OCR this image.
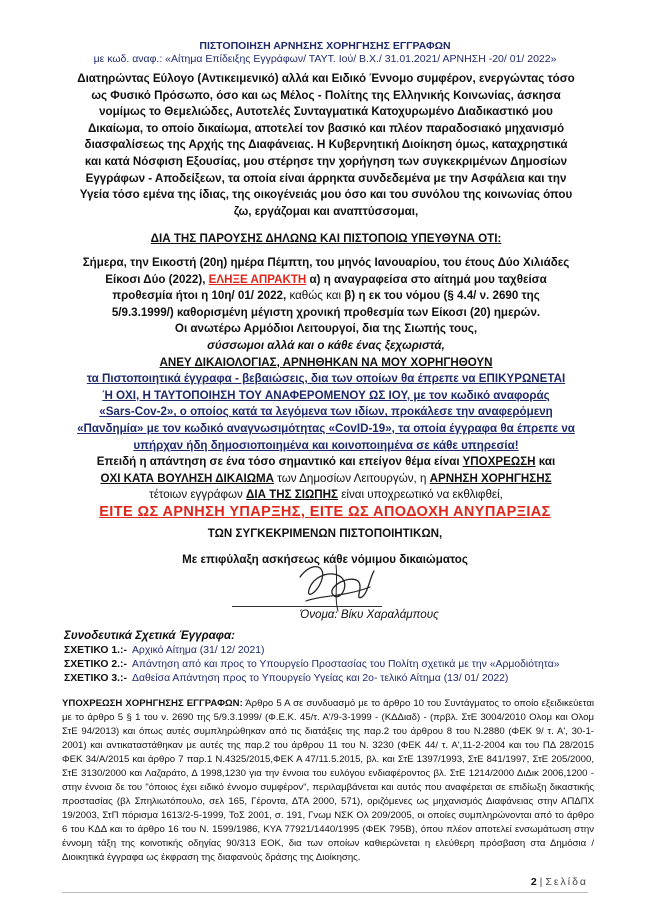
ΠΙΣΤΟΠΟΙΗΣΗ ΑΡΝΗΣΗΣ ΧΟΡΗΓΗΣΗΣ ΕΓΓΡΑΦΩΝ
με κωδ. αναφ.: «Αίτημα Επίδειξης Εγγράφων/ ΤΑΥΤ. Ιού/ Β.Χ./ 31.01.2021/ ΑΡΝΗΣΗ -20/ 01/ 2022»
Διατηρώντας Εύλογο (Αντικειμενικό) αλλά και Ειδικό Έννομο συμφέρον, ενεργώντας τόσο
ως Φυσικό Πρόσωπο, όσο και ως Μέλος - Πολίτης της Ελληνικής Κοινωνίας, άσκησα
νομίμως το Θεμελιώδες, Αυτοτελές Συνταγματικά Κατοχυρωμένο Διαδικαστικό μου
Δικαίωμα, το οποίο δικαίωμα, αποτελεί τον βασικό και πλέον παραδοσιακό μηχανισμό
διασφαλίσεως της Αρχής της Διαφάνειας. Η Κυβερνητική Διοίκηση όμως, καταχρηστικά
και κατά Νόσφιση Εξουσίας, μου στέρησε την χορήγηση των συγκεκριμένων Δημοσίων
Εγγράφων - Αποδείξεων, τα οποία είναι άρρηκτα συνδεδεμένα με την Ασφάλεια και την
Υγεία τόσο εμένα της ίδιας, της οικογένειάς μου όσο και του συνόλου της κοινωνίας όπου
ζω, εργάζομαι και αναπτύσσομαι,
ΔΙΑ ΤΗΣ ΠΑΡΟΥΣΗΣ ΔΗΛΩΝΩ ΚΑΙ ΠΙΣΤΟΠΟΙΩ ΥΠΕΥΘΥΝΑ ΟΤΙ:
Σήμερα, την Εικοστή (20η) ημέρα Πέμπτη, του μηνός Ιανουαρίου, του έτους Δύο Χιλιάδες
Είκοσι Δύο (2022), ΕΛΗΞΕ ΑΠΡΑΚΤΗ α) η αναγραφείσα στο αίτημά μου ταχθείσα
προθεσμία ήτοι η 10η/ 01/ 2022, καθώς και β) η εκ του νόμου (§ 4.4/ ν. 2690 της
5/9.3.1999/) καθορισμένη μέγιστη χρονική προθεσμία των Είκοσι (20) ημερών.
Οι ανωτέρω Αρμόδιοι Λειτουργοί, δια της Σιωπής τους,
σύσσωμοι αλλά και ο κάθε ένας ξεχωριστά,
ΑΝΕΥ ΔΙΚΑΙΟΛΟΓΙΑΣ, ΑΡΝΗΘΗΚΑΝ ΝΑ ΜΟΥ ΧΟΡΗΓΗΘΟΥΝ
τα Πιστοποιητικά έγγραφα - βεβαιώσεις, δια των οποίων θα έπρεπε να ΕΠΙΚΥΡΩΝΕΤΑΙ
Ή ΟΧΙ, Η ΤΑΥΤΟΠΟΙΗΣΗ ΤΟΥ ΑΝΑΦΕΡΟΜΕΝΟΥ ΩΣ ΙΟΥ, με τον κωδικό αναφοράς
«Sars-Cov-2», ο οποίος κατά τα λεγόμενα των ιδίων, προκάλεσε την αναφερόμενη
«Πανδημία» με τον κωδικό αναγνωσιμότητας «CovID-19», τα οποία έγγραφα θα έπρεπε να
υπήρχαν ήδη δημοσιοποιημένα και κοινοποιημένα σε κάθε υπηρεσία!
Επειδή η απάντηση σε ένα τόσο σημαντικό και επείγον θέμα είναι ΥΠΟΧΡΕΩΣΗ και
ΟΧΙ ΚΑΤΑ ΒΟΥΛΗΣΗ ΔΙΚΑΙΩΜΑ των Δημοσίων Λειτουργών, η ΑΡΝΗΣΗ ΧΟΡΗΓΗΣΗΣ
τέτοιων εγγράφων ΔΙΑ ΤΗΣ ΣΙΩΠΗΣ είναι υποχρεωτικό να εκθλιφθεί,
ΕΙΤΕ ΩΣ ΑΡΝΗΣΗ ΥΠΑΡΞΗΣ, ΕΙΤΕ ΩΣ ΑΠΟΔΟΧΗ ΑΝΥΠΑΡΞΙΑΣ
ΤΩΝ ΣΥΓΚΕΚΡΙΜΕΝΩΝ ΠΙΣΤΟΠΟΙΗΤΙΚΩΝ,
Με επιφύλαξη ασκήσεως κάθε νόμιμου δικαιώματος
Όνομα: Βίκυ Χαραλάμπους
Συνοδευτικά Σχετικά Έγγραφα:
ΣΧΕΤΙΚΟ 1.:- Αρχικό Αίτημα (31/ 12/ 2021)
ΣΧΕΤΙΚΟ 2.:- Απάντηση από και προς το Υπουργείο Προστασίας του Πολίτη σχετικά με την «Αρμοδιότητα»
ΣΧΕΤΙΚΟ 3.:- Δαθείσα Απάντηση προς το Υπουργείο Υγείας και 2ο- τελικό Αίτημα (13/ 01/ 2022)
ΥΠΟΧΡΕΩΣΗ ΧΟΡΗΓΗΣΗΣ ΕΓΓΡΑΦΩΝ: Άρθρο 5 Α σε συνδυασμό με το άρθρο 10 του Συντάγματος το οποίο εξειδικεύεται με το άρθρο 5 § 1 του ν. 2690 της 5/9.3.1999/ (Φ.Ε.Κ. 45/τ. Α'/9-3-1999 - (ΚΔΔιαδ) - (πρβλ. ΣτΕ 3004/2010 Ολομ και Ολομ ΣτΕ 94/2013) και όπως αυτές συμπληρώθηκαν από τις διατάξεις της παρ.2 του άρθρου 8 του Ν.2880 (ΦΕΚ 9/ τ. Α', 30-1-2001) και αντικαταστάθηκαν με αυτές της παρ.2 του άρθρου 11 του Ν. 3230 (ΦΕΚ 44/ τ. Α',11-2-2004 και του ΠΔ 28/2015 ΦΕΚ 34/Α/2015 και άρθρο 7 παρ.1 Ν.4325/2015,ΦΕΚ Α 47/11.5.2015, βλ. και ΣτΕ 1397/1993, ΣτΕ 841/1997, ΣτΕ 205/2000, ΣτΕ 3130/2000 και Λαζαράτο, Δ 1998,1230 για την έννοια του ευλόγου ενδιαφέροντος βλ. ΣτΕ 1214/2000 ΔιΔικ 2006,1200 - στην έννοια δε του "όποιος έχει ειδικό έννομο συμφέρον", περιλαμβάνεται και αυτός που αναφέρεται σε επιδίωξη δικαστικής προστασίας (βλ Σπηλιωτόπουλο, σελ 165, Γέροντα, ΔΤΑ 2000, 571), οριζόμενες ως μηχανισμός Διαφάνειας στην ΑΠΔΠΧ 19/2003, ΣτΠ πόρισμα 1613/2-5-1999, ΤοΣ 2001, σ. 191, Γνωμ ΝΣΚ Ολ 209/2005, οι οποίες συμπληρώνονται από το άρθρο 6 του ΚΔΔ και το άρθρο 16 του Ν. 1599/1986, ΚΥΑ 77921/1440/1995 (ΦΕΚ 795Β), όπου πλέον αποτελεί ενσωμάτωση στην έννομη τάξη της κοινοτικής οδηγίας 90/313 ΕΟΚ, δια των οποίων καθιερώνεται η ελεύθερη πρόσβαση στα Δημόσια / Διοικητικά έγγραφα ως έκφραση της διαφανούς δράσης της Διοίκησης.
2 | Σελίδα
